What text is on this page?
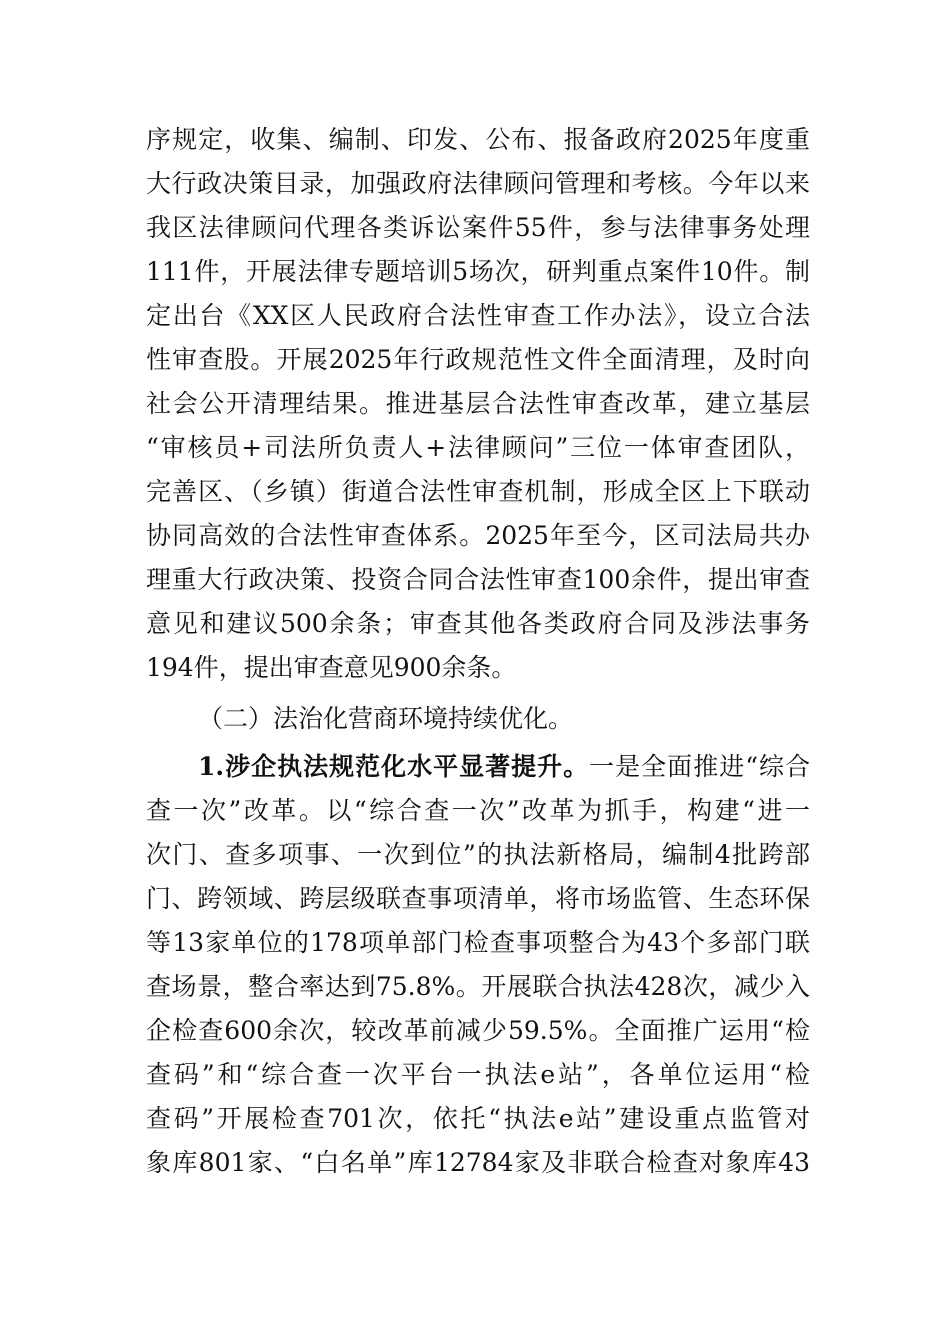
序规定，收集、编制、印发、公布、报备政府2025年度重
大行政决策目录，加强政府法律顾问管理和考核。今年以来
我区法律顾问代理各类诉讼案件55件，参与法律事务处理
111件，开展法律专题培训5场次，研判重点案件10件。制
定出台《XX区人民政府合法性审查工作办法》，设立合法
性审查股。开展2025年行政规范性文件全面清理，及时向
社会公开清理结果。推进基层合法性审查改革，建立基层
“审核员+司法所负责人+法律顾问”三位一体审查团队，
完善区、（乡镇）街道合法性审查机制，形成全区上下联动
协同高效的合法性审查体系。2025年至今，区司法局共办
理重大行政决策、投资合同合法性审查100余件，提出审查
意见和建议500余条；审查其他各类政府合同及涉法事务
194件，提出审查意见900余条。
（二）法治化营商环境持续优化。
1.涉企执法规范化水平显著提升。一是全面推进“综合
查一次”改革。以“综合查一次”改革为抓手，构建“进一
次门、查多项事、一次到位”的执法新格局，编制4批跨部
门、跨领域、跨层级联查事项清单，将市场监管、生态环保
等13家单位的178项单部门检查事项整合为43个多部门联
查场景，整合率达到75.8%。开展联合执法428次，减少入
企检查600余次，较改革前减少59.5%。全面推广运用“检
查码”和“综合查一次平台一执法e站”，各单位运用“检
查码”开展检查701次，依托“执法e站”建设重点监管对
象库801家、“白名单”库12784家及非联合检查对象库43
